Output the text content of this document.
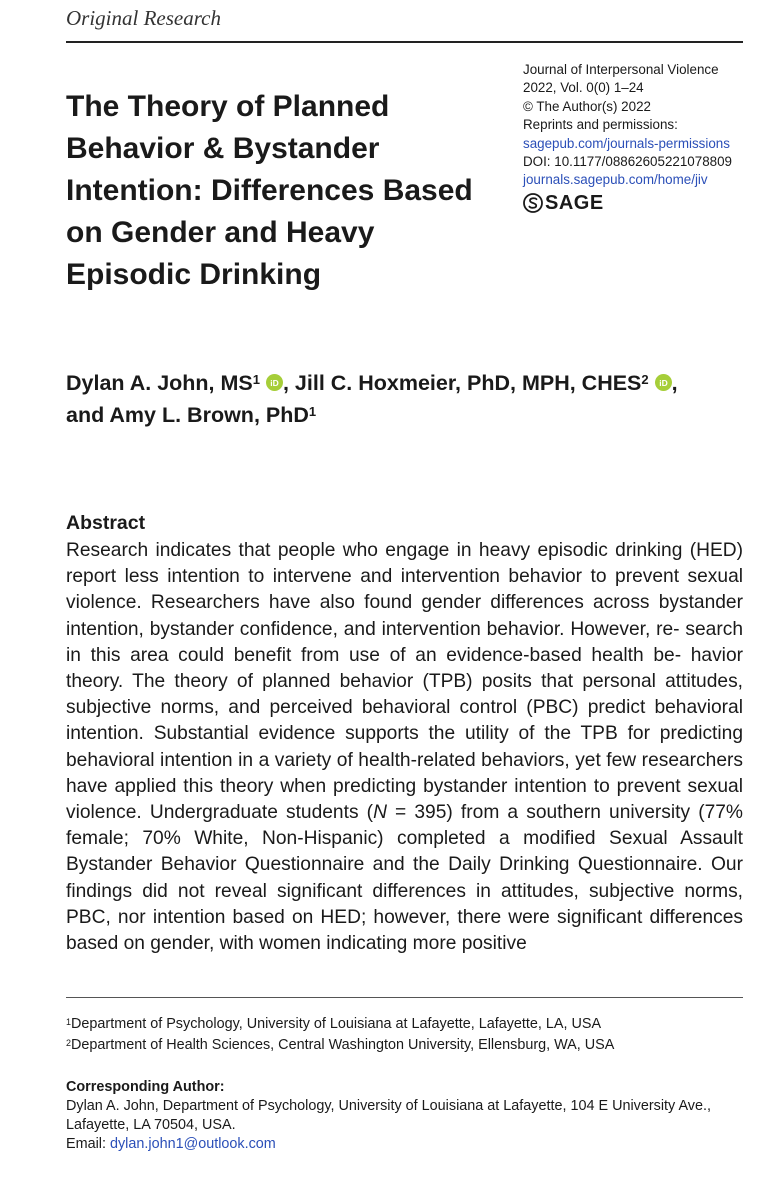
Original Research
The Theory of Planned Behavior & Bystander Intention: Differences Based on Gender and Heavy Episodic Drinking
Journal of Interpersonal Violence
2022, Vol. 0(0) 1–24
© The Author(s) 2022
Reprints and permissions:
sagepub.com/journals-permissions
DOI: 10.1177/08862605221078809
journals.sagepub.com/home/jiv
SAGE

Dylan A. John, $MS^1$ iD , Jill C. Hoxmeier, PhD, MPH, CHES$^2$ iD ,
and Amy L. Brown, PhD$^1$

Abstract

Research indicates that people who engage in heavy episodic drinking (HED) report less intention to intervene and intervention behavior to prevent sexual violence. Researchers have also found gender differences across bystander intention, bystander confidence, and intervention behavior. However, re- search in this area could benefit from use of an evidence-based health be- havior theory. The theory of planned behavior (TPB) posits that personal attitudes, subjective norms, and perceived behavioral control (PBC) predict behavioral intention. Substantial evidence supports the utility of the TPB for predicting behavioral intention in a variety of health-related behaviors, yet few researchers have applied this theory when predicting bystander intention to prevent sexual violence. Undergraduate students (N = 395) from a southern university (77% female; 70% White, Non-Hispanic) completed a modified Sexual Assault Bystander Behavior Questionnaire and the Daily Drinking Questionnaire. Our findings did not reveal significant differences in attitudes, subjective norms, PBC, nor intention based on HED; however, there were significant differences based on gender, with women indicating more positive

$^1$Department of Psychology, University of Louisiana at Lafayette, Lafayette, LA, USA
$^2$Department of Health Sciences, Central Washington University, Ellensburg, WA, USA
Corresponding Author:
Dylan A. John, Department of Psychology, University of Louisiana at Lafayette, 104 E University Ave., Lafayette, LA 70504, USA.
Email: dylan.john1@outlook.com
